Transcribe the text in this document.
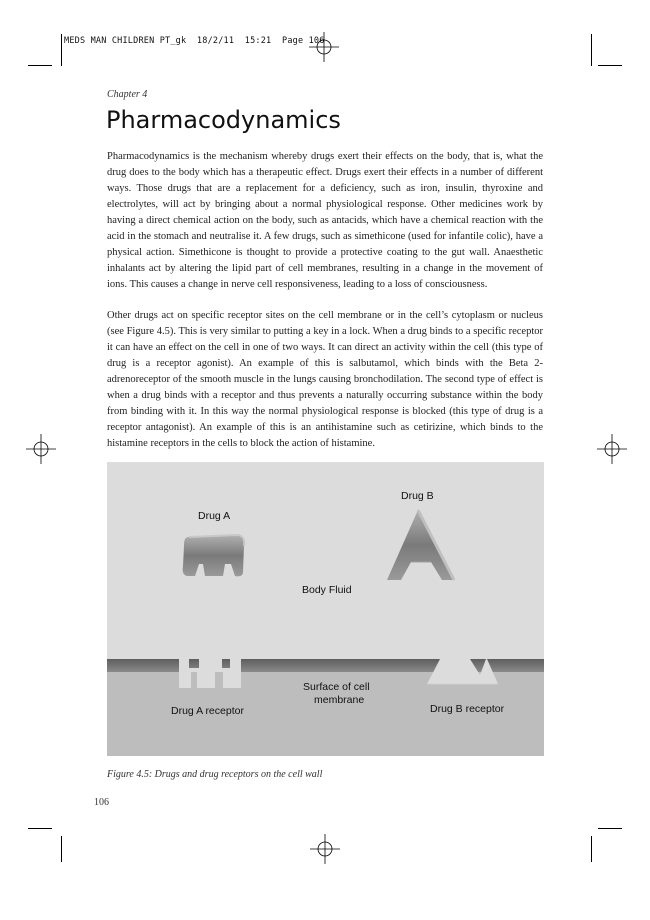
MEDS MAN CHILDREN PT_gk  18/2/11  15:21  Page 106
Chapter 4
Pharmacodynamics

Pharmacodynamics is the mechanism whereby drugs exert their effects on the body, that is, what the drug does to the body which has a therapeutic effect. Drugs exert their effects in a number of different ways. Those drugs that are a replacement for a deficiency, such as iron, insulin, thyroxine and electrolytes, will act by bringing about a normal physiological response. Other medicines work by having a direct chemical action on the body, such as antacids, which have a chemical reaction with the acid in the stomach and neutralise it. A few drugs, such as simethicone (used for infantile colic), have a physical action. Simethicone is thought to provide a protective coating to the gut wall. Anaesthetic inhalants act by altering the lipid part of cell membranes, resulting in a change in the movement of ions. This causes a change in nerve cell responsiveness, leading to a loss of consciousness.

Other drugs act on specific receptor sites on the cell membrane or in the cell’s cytoplasm or nucleus (see Figure 4.5). This is very similar to putting a key in a lock. When a drug binds to a specific receptor it can have an effect on the cell in one of two ways. It can direct an activity within the cell (this type of drug is a receptor agonist). An example of this is salbutamol, which binds with the Beta 2-adrenoreceptor of the smooth muscle in the lungs causing bronchodilation. The second type of effect is when a drug binds with a receptor and thus prevents a naturally occurring substance within the body from binding with it. In this way the normal physiological response is blocked (this type of drug is a receptor antagonist). An example of this is an antihistamine such as cetirizine, which binds to the histamine receptors in the cells to block the action of histamine.

Drug A
Drug B
Body Fluid
Surface of cell
membrane
Drug A receptor	Drug B receptor
Figure 4.5: Drugs and drug receptors on the cell wall
106
